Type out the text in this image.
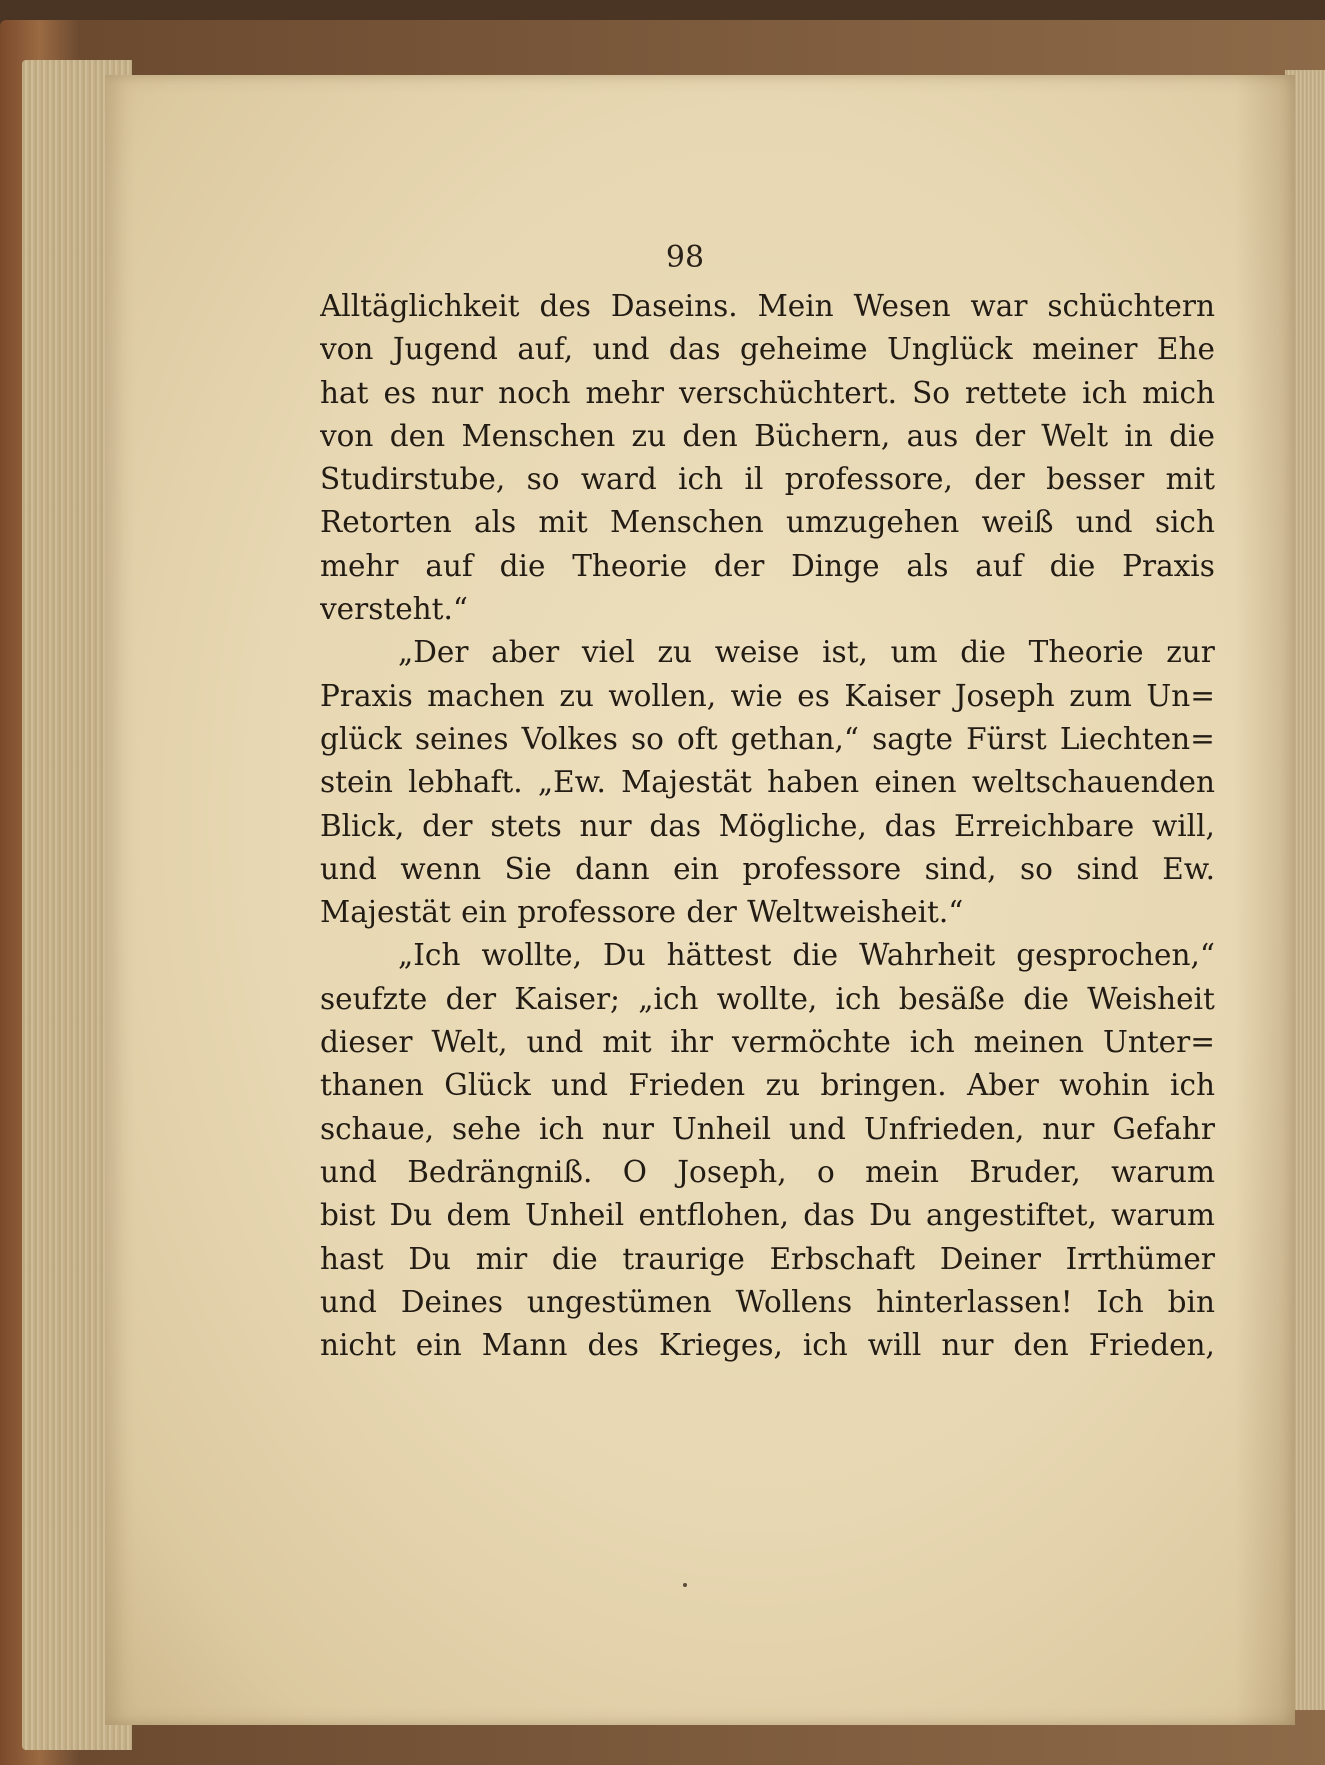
98
Alltäglichkeit des Daseins. Mein Wesen war schüchtern
von Jugend auf, und das geheime Unglück meiner Ehe
hat es nur noch mehr verschüchtert. So rettete ich mich
von den Menschen zu den Büchern, aus der Welt in die
Studirstube, so ward ich il professore, der besser mit
Retorten als mit Menschen umzugehen weiß und sich
mehr auf die Theorie der Dinge als auf die Praxis
versteht.“
„Der aber viel zu weise ist, um die Theorie zur
Praxis machen zu wollen, wie es Kaiser Joseph zum Un=
glück seines Volkes so oft gethan,“ sagte Fürst Liechten=
stein lebhaft. „Ew. Majestät haben einen weltschauenden
Blick, der stets nur das Mögliche, das Erreichbare will,
und wenn Sie dann ein professore sind, so sind Ew.
Majestät ein professore der Weltweisheit.“
„Ich wollte, Du hättest die Wahrheit gesprochen,“
seufzte der Kaiser; „ich wollte, ich besäße die Weisheit
dieser Welt, und mit ihr vermöchte ich meinen Unter=
thanen Glück und Frieden zu bringen. Aber wohin ich
schaue, sehe ich nur Unheil und Unfrieden, nur Gefahr
und Bedrängniß. O Joseph, o mein Bruder, warum
bist Du dem Unheil entflohen, das Du angestiftet, warum
hast Du mir die traurige Erbschaft Deiner Irrthümer
und Deines ungestümen Wollens hinterlassen! Ich bin
nicht ein Mann des Krieges, ich will nur den Frieden,
